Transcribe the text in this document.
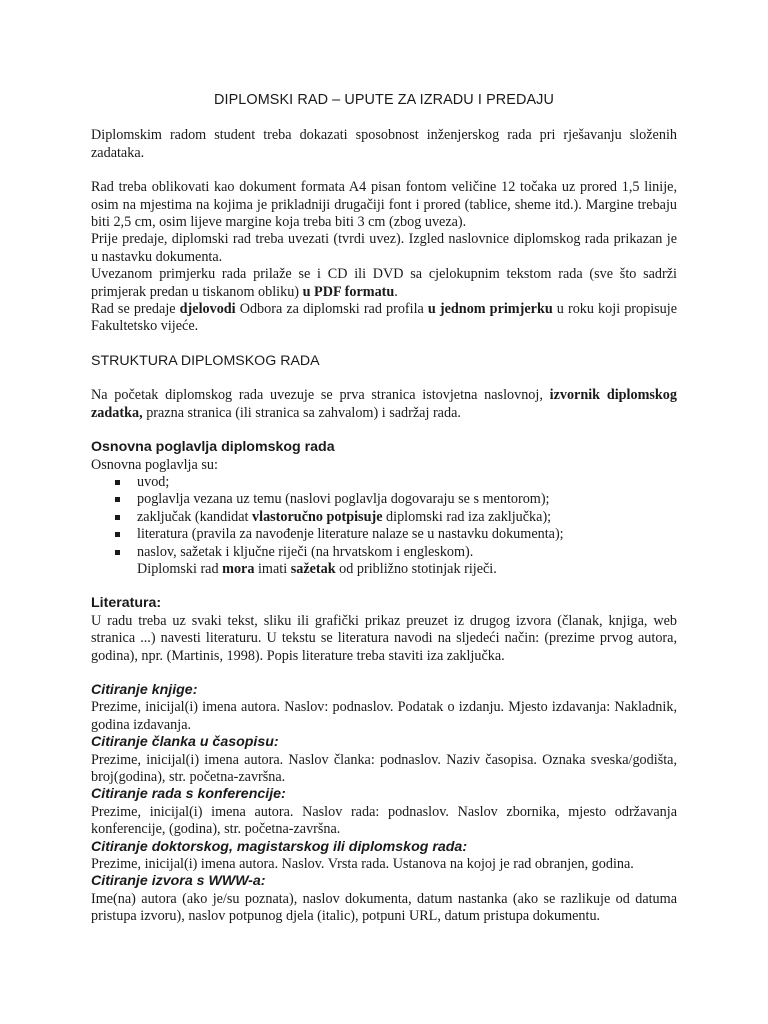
DIPLOMSKI RAD – UPUTE ZA IZRADU I PREDAJU

Diplomskim radom student treba dokazati sposobnost inženjerskog rada pri rješavanju složenih zadataka.

Rad treba oblikovati kao dokument formata A4 pisan fontom veličine 12 točaka uz prored 1,5 linije, osim na mjestima na kojima je prikladniji drugačiji font i prored (tablice, sheme itd.). Margine trebaju biti 2,5 cm, osim lijeve margine koja treba biti 3 cm (zbog uveza).

Prije predaje, diplomski rad treba uvezati (tvrdi uvez). Izgled naslovnice diplomskog rada prikazan je u nastavku dokumenta.

Uvezanom primjerku rada prilaže se i CD ili DVD sa cjelokupnim tekstom rada (sve što sadrži primjerak predan u tiskanom obliku) u PDF formatu.

Rad se predaje djelovodi Odbora za diplomski rad profila u jednom primjerku u roku koji propisuje Fakultetsko vijeće.

STRUKTURA DIPLOMSKOG RADA

Na početak diplomskog rada uvezuje se prva stranica istovjetna naslovnoj, izvornik diplomskog zadatka, prazna stranica (ili stranica sa zahvalom) i sadržaj rada.

Osnovna poglavlja diplomskog rada

Osnovna poglavlja su:

uvod;
poglavlja vezana uz temu (naslovi poglavlja dogovaraju se s mentorom);
zaključak (kandidat vlastoručno potpisuje diplomski rad iza zaključka);
literatura (pravila za navođenje literature nalaze se u nastavku dokumenta);
naslov, sažetak i ključne riječi (na hrvatskom i engleskom).

Diplomski rad mora imati sažetak od približno stotinjak riječi.

Literatura:

U radu treba uz svaki tekst, sliku ili grafički prikaz preuzet iz drugog izvora (članak, knjiga, web stranica ...) navesti literaturu. U tekstu se literatura navodi na sljedeći način: (prezime prvog autora, godina), npr. (Martinis, 1998). Popis literature treba staviti iza zaključka.

Citiranje knjige:

Prezime, inicijal(i) imena autora. Naslov: podnaslov. Podatak o izdanju. Mjesto izdavanja: Nakladnik, godina izdavanja.

Citiranje članka u časopisu:

Prezime, inicijal(i) imena autora. Naslov članka: podnaslov. Naziv časopisa. Oznaka sveska/godišta, broj(godina), str. početna-završna.

Citiranje rada s konferencije:

Prezime, inicijal(i) imena autora. Naslov rada: podnaslov. Naslov zbornika, mjesto održavanja konferencije, (godina), str. početna-završna.

Citiranje doktorskog, magistarskog ili diplomskog rada:

Prezime, inicijal(i) imena autora. Naslov. Vrsta rada. Ustanova na kojoj je rad obranjen, godina.

Citiranje izvora s WWW-a:

Ime(na) autora (ako je/su poznata), naslov dokumenta, datum nastanka (ako se razlikuje od datuma pristupa izvoru), naslov potpunog djela (italic), potpuni URL, datum pristupa dokumentu.
